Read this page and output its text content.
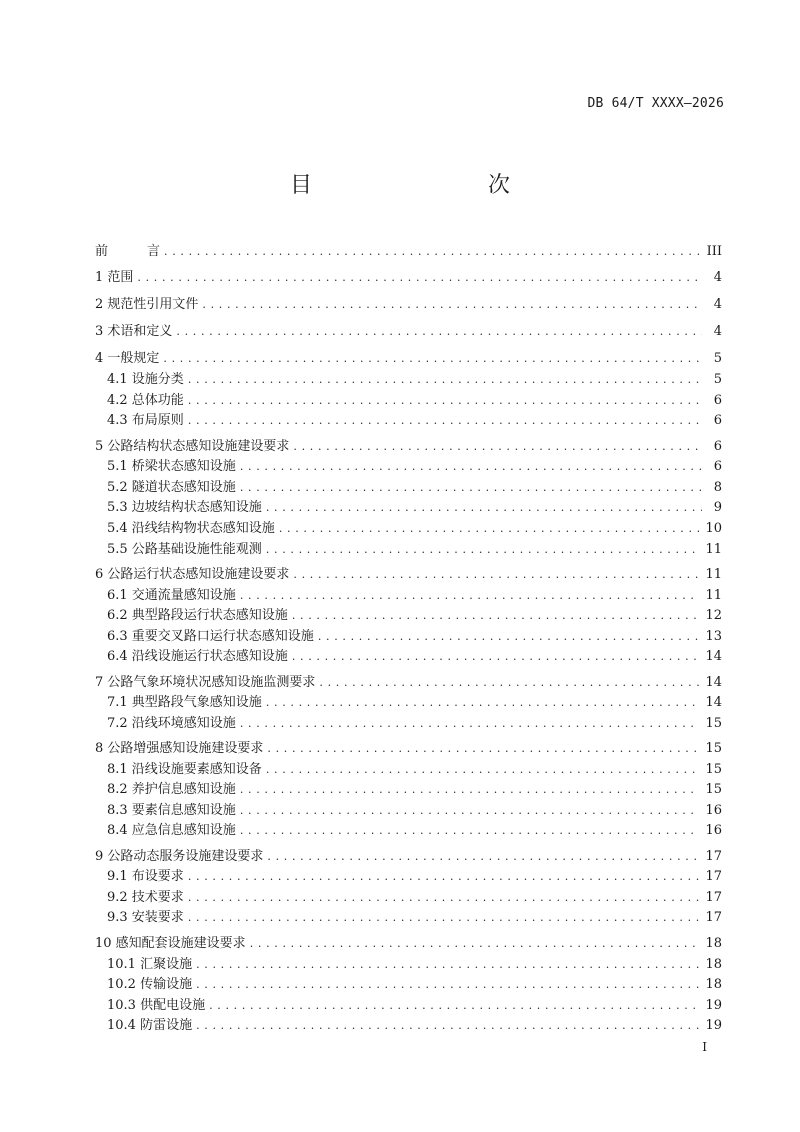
DB 64/T XXXX—2026
目　　次
前　　　言 . . .	III
1 范围 . . .	4
2 规范性引用文件 . . .	4
3 术语和定义 . . .	4
4 一般规定 . . .	5
4.1 设施分类 . . .	5
4.2 总体功能 . . .	6
4.3 布局原则 . . .	6
5 公路结构状态感知设施建设要求 . . .	6
5.1 桥梁状态感知设施 . . .	6
5.2 隧道状态感知设施 . . .	8
5.3 边坡结构状态感知设施 . . .	9
5.4 沿线结构物状态感知设施 . . .	10
5.5 公路基础设施性能观测 . . .	11
6 公路运行状态感知设施建设要求 . . .	11
6.1 交通流量感知设施 . . .	11
6.2 典型路段运行状态感知设施 . . .	12
6.3 重要交叉路口运行状态感知设施 . . .	13
6.4 沿线设施运行状态感知设施 . . .	14
7 公路气象环境状况感知设施监测要求 . . .	14
7.1 典型路段气象感知设施 . . .	14
7.2 沿线环境感知设施 . . .	15
8 公路增强感知设施建设要求 . . .	15
8.1 沿线设施要素感知设备 . . .	15
8.2 养护信息感知设施 . . .	15
8.3 要素信息感知设施 . . .	16
8.4 应急信息感知设施 . . .	16
9 公路动态服务设施建设要求 . . .	17
9.1 布设要求 . . .	17
9.2 技术要求 . . .	17
9.3 安装要求 . . .	17
10 感知配套设施建设要求 . . .	18
10.1 汇聚设施 . . .	18
10.2 传输设施 . . .	18
10.3 供配电设施 . . .	19
10.4 防雷设施 . . .	19
I
